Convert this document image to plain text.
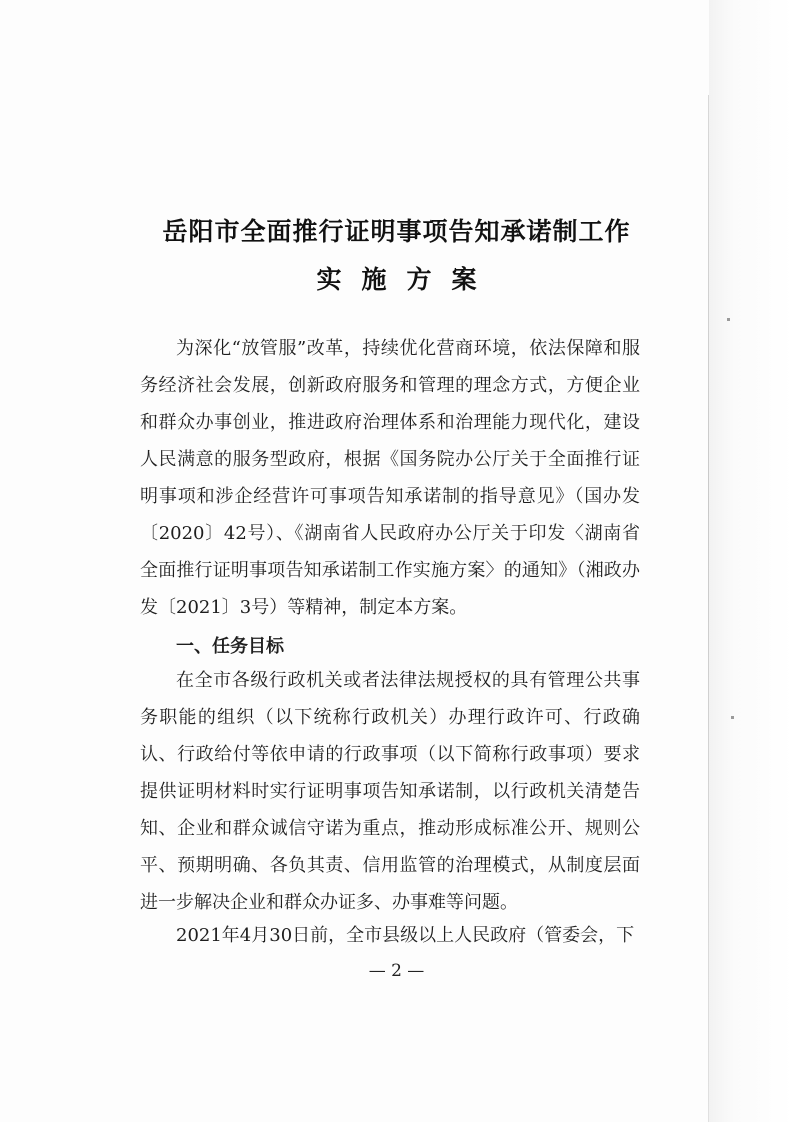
岳阳市全面推行证明事项告知承诺制工作
实施方案

为深化“放管服”改革，持续优化营商环境，依法保障和服务经济社会发展，创新政府服务和管理的理念方式，方便企业和群众办事创业，推进政府治理体系和治理能力现代化，建设人民满意的服务型政府，根据《国务院办公厅关于全面推行证明事项和涉企经营许可事项告知承诺制的指导意见》（国办发〔2020〕42号）、《湖南省人民政府办公厅关于印发〈湖南省全面推行证明事项告知承诺制工作实施方案〉的通知》（湘政办发〔2021〕3号）等精神，制定本方案。

一、任务目标

在全市各级行政机关或者法律法规授权的具有管理公共事务职能的组织（以下统称行政机关）办理行政许可、行政确认、行政给付等依申请的行政事项（以下简称行政事项）要求提供证明材料时实行证明事项告知承诺制，以行政机关清楚告知、企业和群众诚信守诺为重点，推动形成标准公开、规则公平、预期明确、各负其责、信用监管的治理模式，从制度层面进一步解决企业和群众办证多、办事难等问题。

2021年4月30日前，全市县级以上人民政府（管委会，下

— 2 —
